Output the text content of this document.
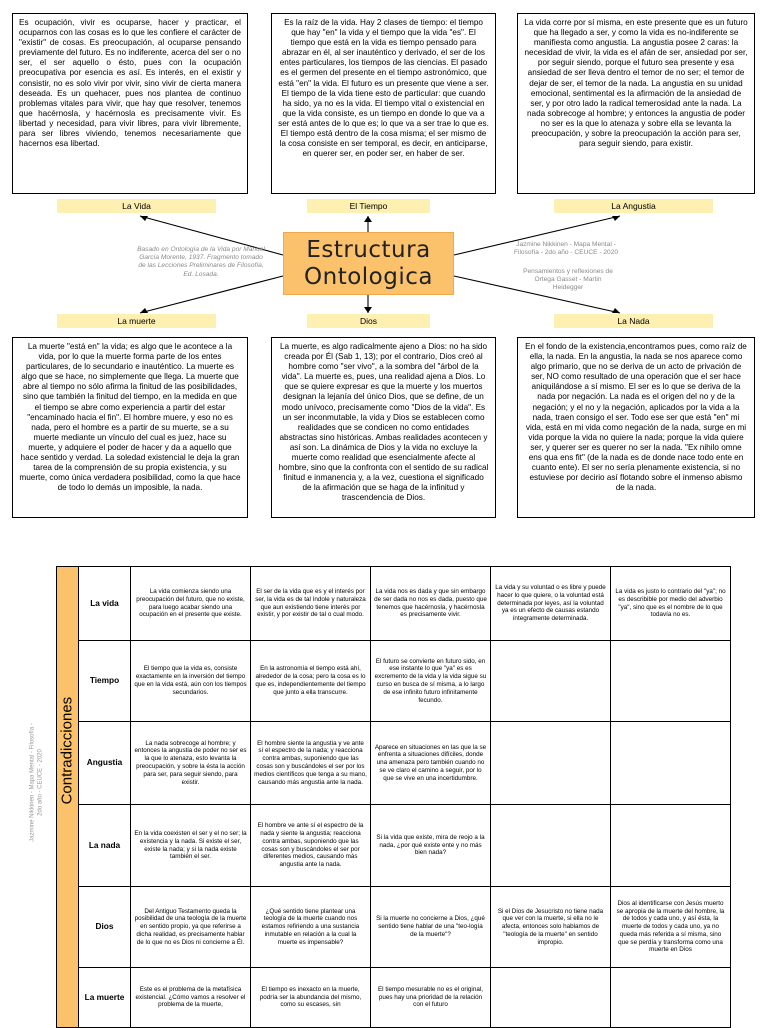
Es ocupación, vivir es ocuparse, hacer y practicar, el ocuparnos con las cosas es lo que les confiere el carácter de "existir" de cosas. Es preocupación, al ocuparse pensando previamente del futuro. Es no indiferente, acerca del ser o no ser, el ser aquello o ésto, pues con la ocupación preocupativa por esencia es así. Es interés, en el existir y consistir, no es solo vivir por vivir, sino vivir de cierta manera deseada. Es un quehacer, pues nos plantea de continuo problemas vitales para vivir, que hay que resolver, tenemos que hacérnosla, y hacérnosla es precisamente vivir. Es libertad y necesidad, para vivir libres, para vivir libremente, para ser libres viviendo, tenemos necesariamente que hacernos esa libertad.
Es la raíz de la vida. Hay 2 clases de tiempo: el tiempo que hay "en" la vida y el tiempo que la vida "es". El tiempo que está en la vida es tiempo pensado para abrazar en él, al ser inauténtico y derivado, el ser de los entes particulares, los tiempos de las ciencias. El pasado es el germen del presente en el tiempo astronómico, que está "en" la vida. El futuro es un presente que viene a ser. El tiempo de la vida tiene esto de particular: que cuando ha sido, ya no es la vida. El tiempo vital o existencial en que la vida consiste, es un tiempo en donde lo que va a ser está antes de lo que es; lo que va a ser trae lo que es. El tiempo está dentro de la cosa misma; el ser mismo de la cosa consiste en ser temporal, es decir, en anticiparse, en querer ser, en poder ser, en haber de ser.
La vida corre por sí misma, en este presente que es un futuro que ha llegado a ser, y como la vida es no-indiferente se manifiesta como angustia. La angustia posee 2 caras: la necesidad de vivir, la vida es el afán de ser, ansiedad por ser, por seguir siendo, porque el futuro sea presente y esa ansiedad de ser lleva dentro el temor de no ser; el temor de dejar de ser, el temor de la nada. La angustia en su unidad emocional, sentimental es la afirmación de la ansiedad de ser, y por otro lado la radical temerosidad ante la nada. La nada sobrecoge al hombre; y entonces la angustia de poder no ser es la que lo atenaza y sobre ella se levanta la preocupación, y sobre la preocupación la acción para ser, para seguir siendo, para existir.
La Vida	El Tiempo	La Angustia
Basado en Ontología de la Vida por Manuel García Morente, 1937. Fragmento tomado de las Lecciones Preliminares de Filosofía, Ed. Losada.
Estructura Ontologica
Jazmine Nikkinen - Mapa Mental - Filosofía - 2do año - CEUCE - 2020
Pensamientos y reflexiones de Ortega Gasset - Martin Heidegger
La muerte	Dios	La Nada
La muerte "está en" la vida; es algo que le acontece a la vida, por lo que la muerte forma parte de los entes particulares, de lo secundario e inauténtico. La muerte es algo que se hace, no simplemente que llega. La muerte que abre al tiempo no sólo afirma la finitud de las posibilidades, sino que también la finitud del tiempo, en la medida en que el tiempo se abre como experiencia a partir del estar "encaminado hacia el fin". El hombre muere, y eso no es nada, pero el hombre es a partir de su muerte, se a su muerte mediante un vínculo del cual es juez, hace su muerte, y adquiere el poder de hacer y da a aquello que hace sentido y verdad. La soledad existencial le deja la gran tarea de la comprensión de su propia existencia, y su muerte, como única verdadera posibilidad, como la que hace de todo lo demás un imposible, la nada.
La muerte, es algo radicalmente ajeno a Dios: no ha sido creada por Él (Sab 1, 13); por el contrario, Dios creó al hombre como "ser vivo", a la sombra del "árbol de la vida". La muerte es, pues, una realidad ajena a Dios. Lo que se quiere expresar es que la muerte y los muertos designan la lejanía del único Dios, que se define, de un modo unívoco, precisamente como "Dios de la vida". Es un ser inconmutable, la vida y Dios se establecen como realidades que se condicen no como entidades abstractas sino históricas. Ambas realidades acontecen y así son. La dinámica de Dios y la vida no excluye la muerte como realidad que esencialmente afecte al hombre, sino que la confronta con el sentido de su radical finitud e inmanencia y, a la vez, cuestiona el significado de la afirmación que se haga de la infinitud y trascendencia de Dios.
En el fondo de la existencia,encontramos pues, como raíz de ella, la nada. En la angustia, la nada se nos aparece como algo primario, que no se deriva de un acto de privación de ser, NO como resultado de una operación que el ser hace aniquilándose a sí mismo. El ser es lo que se deriva de la nada por negación. La nada es el origen del no y de la negación; y el no y la negación, aplicados por la vida a la nada, traen consigo el ser. Todo ese ser que está "en" mi vida, está en mi vida como negación de la nada, surge en mi vida porque la vida no quiere la nada; porque la vida quiere ser, y querer ser es querer no ser la nada. "Ex nihilo omne ens qua ens fit" (de la nada es de donde nace todo ente en cuanto ente). El ser no sería plenamente existencia, si no estuviese por decirio así flotando sobre el inmenso abismo de la nada.
Jazmine Nikkinen - Mapa Mental - Filosofía - 2do año - CEUCE - 2020 Contradicciones	La vida	La vida comienza siendo una preocupación del futuro, que no existe, para luego acabar siendo una ocupación en el presente que existe.	El ser de la vida que es y el interés por ser, la vida es de tal índole y naturaleza que aun existiendo tiene interés por existir, y por existir de tal o cual modo.	La vida nos es dada y que sin embargo de ser dada no nos es dada, puesto que tenemos que hacérnosla, y hacérnosla es precisamente vivir.	La vida y su voluntad o es libre y puede hacer lo que quiere, o la voluntad está determinada por leyes, así la voluntad ya es un efecto de causas estando íntegramente determinada.	La vida es justo lo contrario del "ya"; no es describible por medio del adverbio "ya", sino que es el nombre de lo que todavía no es.
	Tiempo	El tiempo que la vida es, consiste exactamente en la inversión del tiempo que en la vida está, aún con los tiempos secundarios.	En la astronomía el tiempo está ahí, alrededor de la cosa; pero la cosa es lo que es, independientemente del tiempo que junto a ella transcurre.	El futuro se convierte en futuro sido, en ese instante lo que "ya" es es excremento de la vida y la vida sigue su curso en busca de sí misma, a lo largo de ese infinito futuro infinitamente fecundo.		
	Angustia	La nada sobrecoge al hombre; y entonces la angustia de poder no ser es la que lo atenaza, esto levanta la preocupación, y sobre la ésta la acción para ser, para seguir siendo, para existir.	El hombre siente la angustia y ve ante sí el espectro de la nada; y reacciona contra ambas, suponiendo que las cosas son y buscándoles el ser por los medios científicos que tenga a su mano, causando más angustia ante la nada.	Aparece en situaciones en las que la se enfrenta a situaciones difíciles, donde una amenaza pero también cuando no se ve claro el camino a seguir, por lo que se vive en una incertidumbre.		
	La nada	En la vida coexisten el ser y el no ser; la existencia y la nada. Si existe el ser, existe la nada; y si la nada existe también el ser.	El hombre ve ante sí el espectro de la nada y siente la angustia; reacciona contra ambas, suponiendo que las cosas son y buscándoles el ser por diferentes medios, causando más angustia ante la nada.	Si la vida que existe, mira de reojo a la nada, ¿por qué existe ente y no más bien nada?		
	Dios	Del Antiguo Testamento queda la posibilidad de una teología de la muerte en sentido propio, ya que referirse a dicha realidad, es precisamente hablar de lo que no es Dios ni concierne a Él.	¿Qué sentido tiene plantear una teología de la muerte cuando nos estamos refiriendo a una sustancia inmutable en relación a la cual la muerte es impensable?	Si la muerte no concierne a Dios, ¿qué sentido tiene hablar de una "teo-logía de la muerte"?	Si el Dios de Jesucristo no tiene nada que ver con la muerte, si ella no le afecta, entonces solo hablamos de "teología de la muerte" en sentido impropio.	Dios al identificarse con Jesús muerto se apropia de la muerte del hombre, la de todos y cada uno, y así ésta, la muerte de todos y cada uno, ya no queda más referida a sí misma, sino que se perdía y transforma como una muerte en Dios
	La muerte	Este es el problema de la metafísica existencial. ¿Cómo vamos a resolver el problema de la muerte,	El tiempo es inexacto en la muerte, podría ser la abundancia del mismo, como su escases, sin	El tiempo mesurable no es el original, pues hay una prioridad de la relación con el futuro		
